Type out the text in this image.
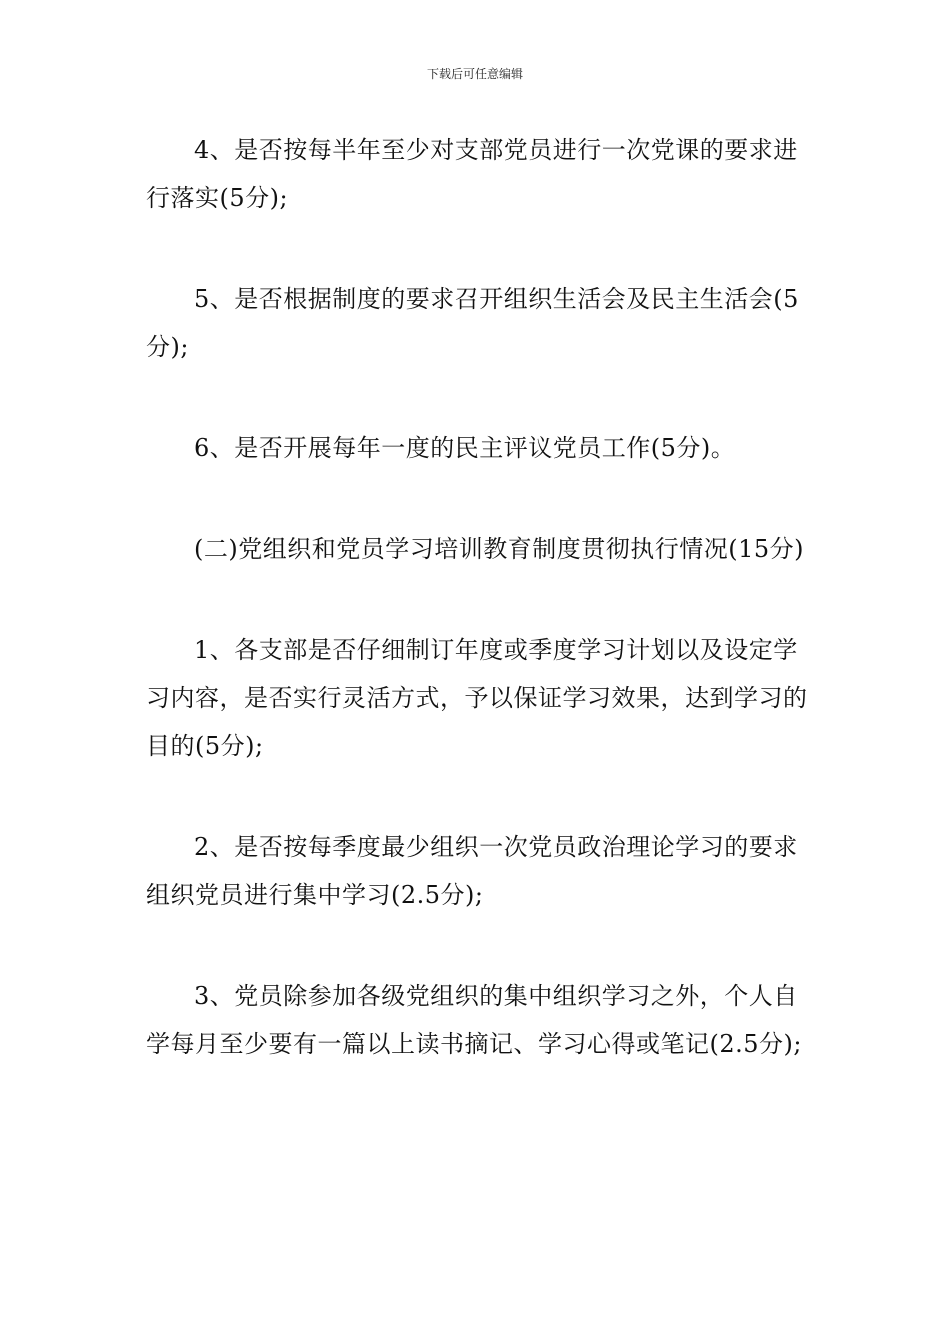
下载后可任意编辑

4、是否按每半年至少对支部党员进行一次党课的要求进行落实(5分);

5、是否根据制度的要求召开组织生活会及民主生活会(5分);

6、是否开展每年一度的民主评议党员工作(5分)。

(二)党组织和党员学习培训教育制度贯彻执行情况(15分)

1、各支部是否仔细制订年度或季度学习计划以及设定学习内容，是否实行灵活方式，予以保证学习效果，达到学习的目的(5分);

2、是否按每季度最少组织一次党员政治理论学习的要求组织党员进行集中学习(2.5分);

3、党员除参加各级党组织的集中组织学习之外，个人自学每月至少要有一篇以上读书摘记、学习心得或笔记(2.5分);
